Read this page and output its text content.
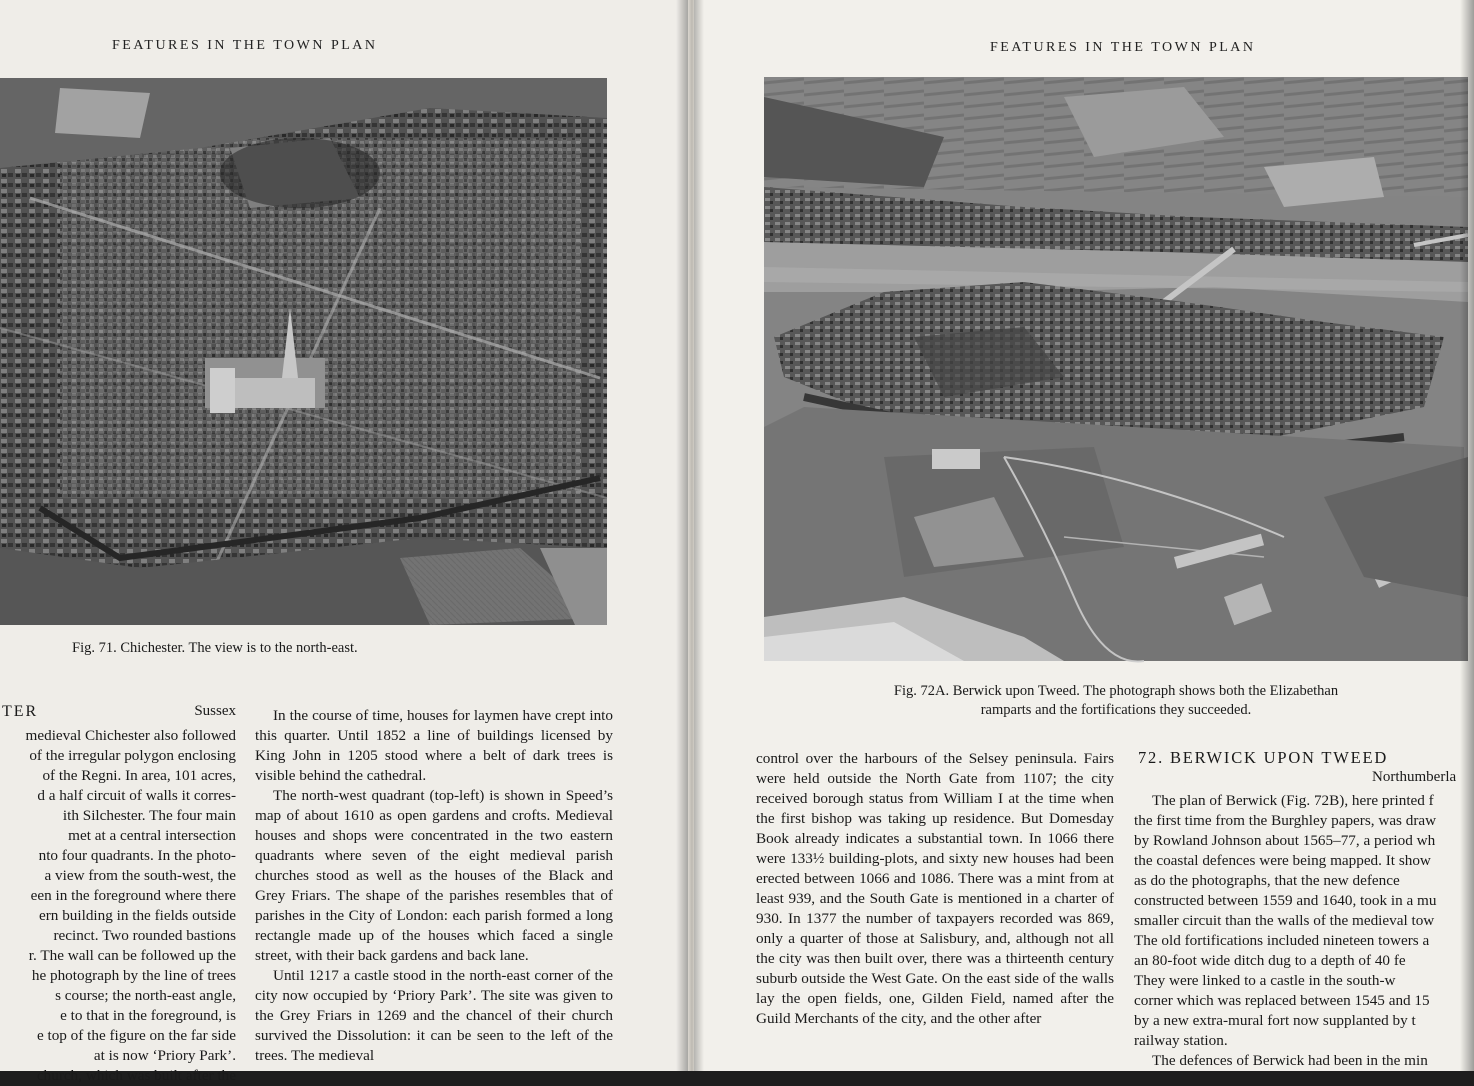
FEATURES IN THE TOWN PLAN
Fig. 71. Chichester. The view is to the north-east.
TER	Sussex
medieval Chichester also followed
of the irregular polygon enclosing
of the Regni. In area, 101 acres,
d a half circuit of walls it corres-
ith Silchester. The four main
met at a central intersection
nto four quadrants. In the photo-
a view from the south-west, the
een in the foreground where there
ern building in the fields outside
recinct. Two rounded bastions
r. The wall can be followed up the
he photograph by the line of trees
s course; the north-east angle,
e to that in the foreground, is
e top of the figure on the far side
at is now ‘Priory Park’.
church, which was built after the

In the course of time, houses for laymen have crept into this quarter. Until 1852 a line of buildings licensed by King John in 1205 stood where a belt of dark trees is visible behind the cathedral.

The north-west quadrant (top-left) is shown in Speed’s map of about 1610 as open gardens and crofts. Medieval houses and shops were concentrated in the two eastern quadrants where seven of the eight medieval parish churches stood as well as the houses of the Black and Grey Friars. The shape of the parishes resembles that of parishes in the City of London: each parish formed a long rectangle made up of the houses which faced a single street, with their back gardens and back lane.

Until 1217 a castle stood in the north-east corner of the city now occupied by ‘Priory Park’. The site was given to the Grey Friars in 1269 and the chancel of their church survived the Dissolution: it can be seen to the left of the trees. The medieval

FEATURES IN THE TOWN PLAN
Fig. 72A. Berwick upon Tweed. The photograph shows both the Elizabethan
ramparts and the fortifications they succeeded.

control over the harbours of the Selsey peninsula. Fairs were held outside the North Gate from 1107; the city received borough status from William I at the time when the first bishop was taking up residence. But Domesday Book already indicates a substantial town. In 1066 there were 133½ building-plots, and sixty new houses had been erected between 1066 and 1086. There was a mint from at least 939, and the South Gate is mentioned in a charter of 930. In 1377 the number of taxpayers recorded was 869, only a quarter of those at Salisbury, and, although not all the city was then built over, there was a thirteenth century suburb outside the West Gate. On the east side of the walls lay the open fields, one, Gilden Field, named after the Guild Merchants of the city, and the other after

72. BERWICK UPON TWEED
Northumberla
The plan of Berwick (Fig. 72B), here printed f
the first time from the Burghley papers, was draw
by Rowland Johnson about 1565–77, a period wh
the coastal defences were being mapped. It show
as do the photographs, that the new defence
constructed between 1559 and 1640, took in a mu
smaller circuit than the walls of the medieval tow
The old fortifications included nineteen towers a
an 80-foot wide ditch dug to a depth of 40 fe
They were linked to a castle in the south-w
corner which was replaced between 1545 and 15
by a new extra-mural fort now supplanted by t
railway station.
The defences of Berwick had been in the min
